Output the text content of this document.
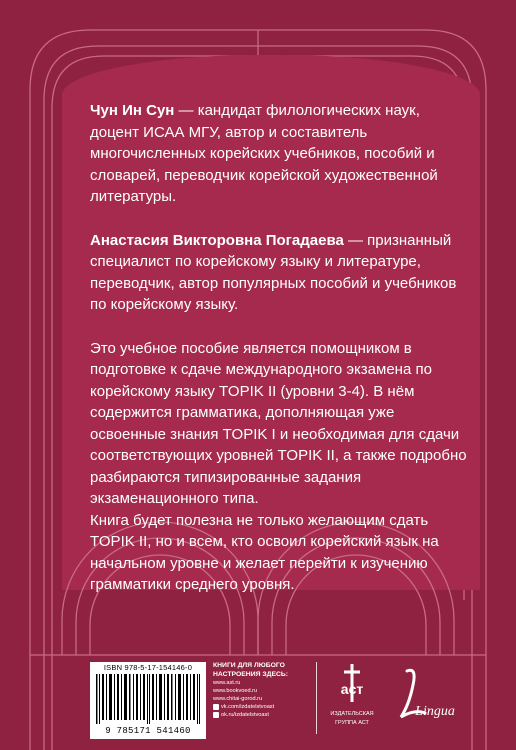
Чун Ин Сун — кандидат филологических наук, доцент ИСАА МГУ, автор и составитель многочисленных корейских учебников, пособий и словарей, переводчик корейской художественной литературы.

Анастасия Викторовна Погадаева — признанный специалист по корейскому языку и литературе, переводчик, автор популярных пособий и учебников по корейскому языку.

Это учебное пособие является помощником в подготовке к сдаче международного экзамена по корейскому языку TOPIK II (уровни 3-4). В нём содержится грамматика, дополняющая уже освоенные знания TOPIK I и необходимая для сдачи соответствующих уровней TOPIK II, а также подробно разбираются типизированные задания экзаменационного типа.

Книга будет полезна не только желающим сдать TOPIK II, но и всем, кто освоил корейский язык на начальном уровне и желает перейти к изучению грамматики среднего уровня.

ISBN 978-5-17-154146-0
9 785171 541460
КНИГИ ДЛЯ ЛЮБОГО
НАСТРОЕНИЯ ЗДЕСЬ:
www.ast.ru
www.bookvoed.ru
www.chitai-gorod.ru
vk.com/izdatelstvoast
ok.ru/izdatelstvoast
аст
ИЗДАТЕЛЬСКАЯ
ГРУППА АСТ
Lingua
